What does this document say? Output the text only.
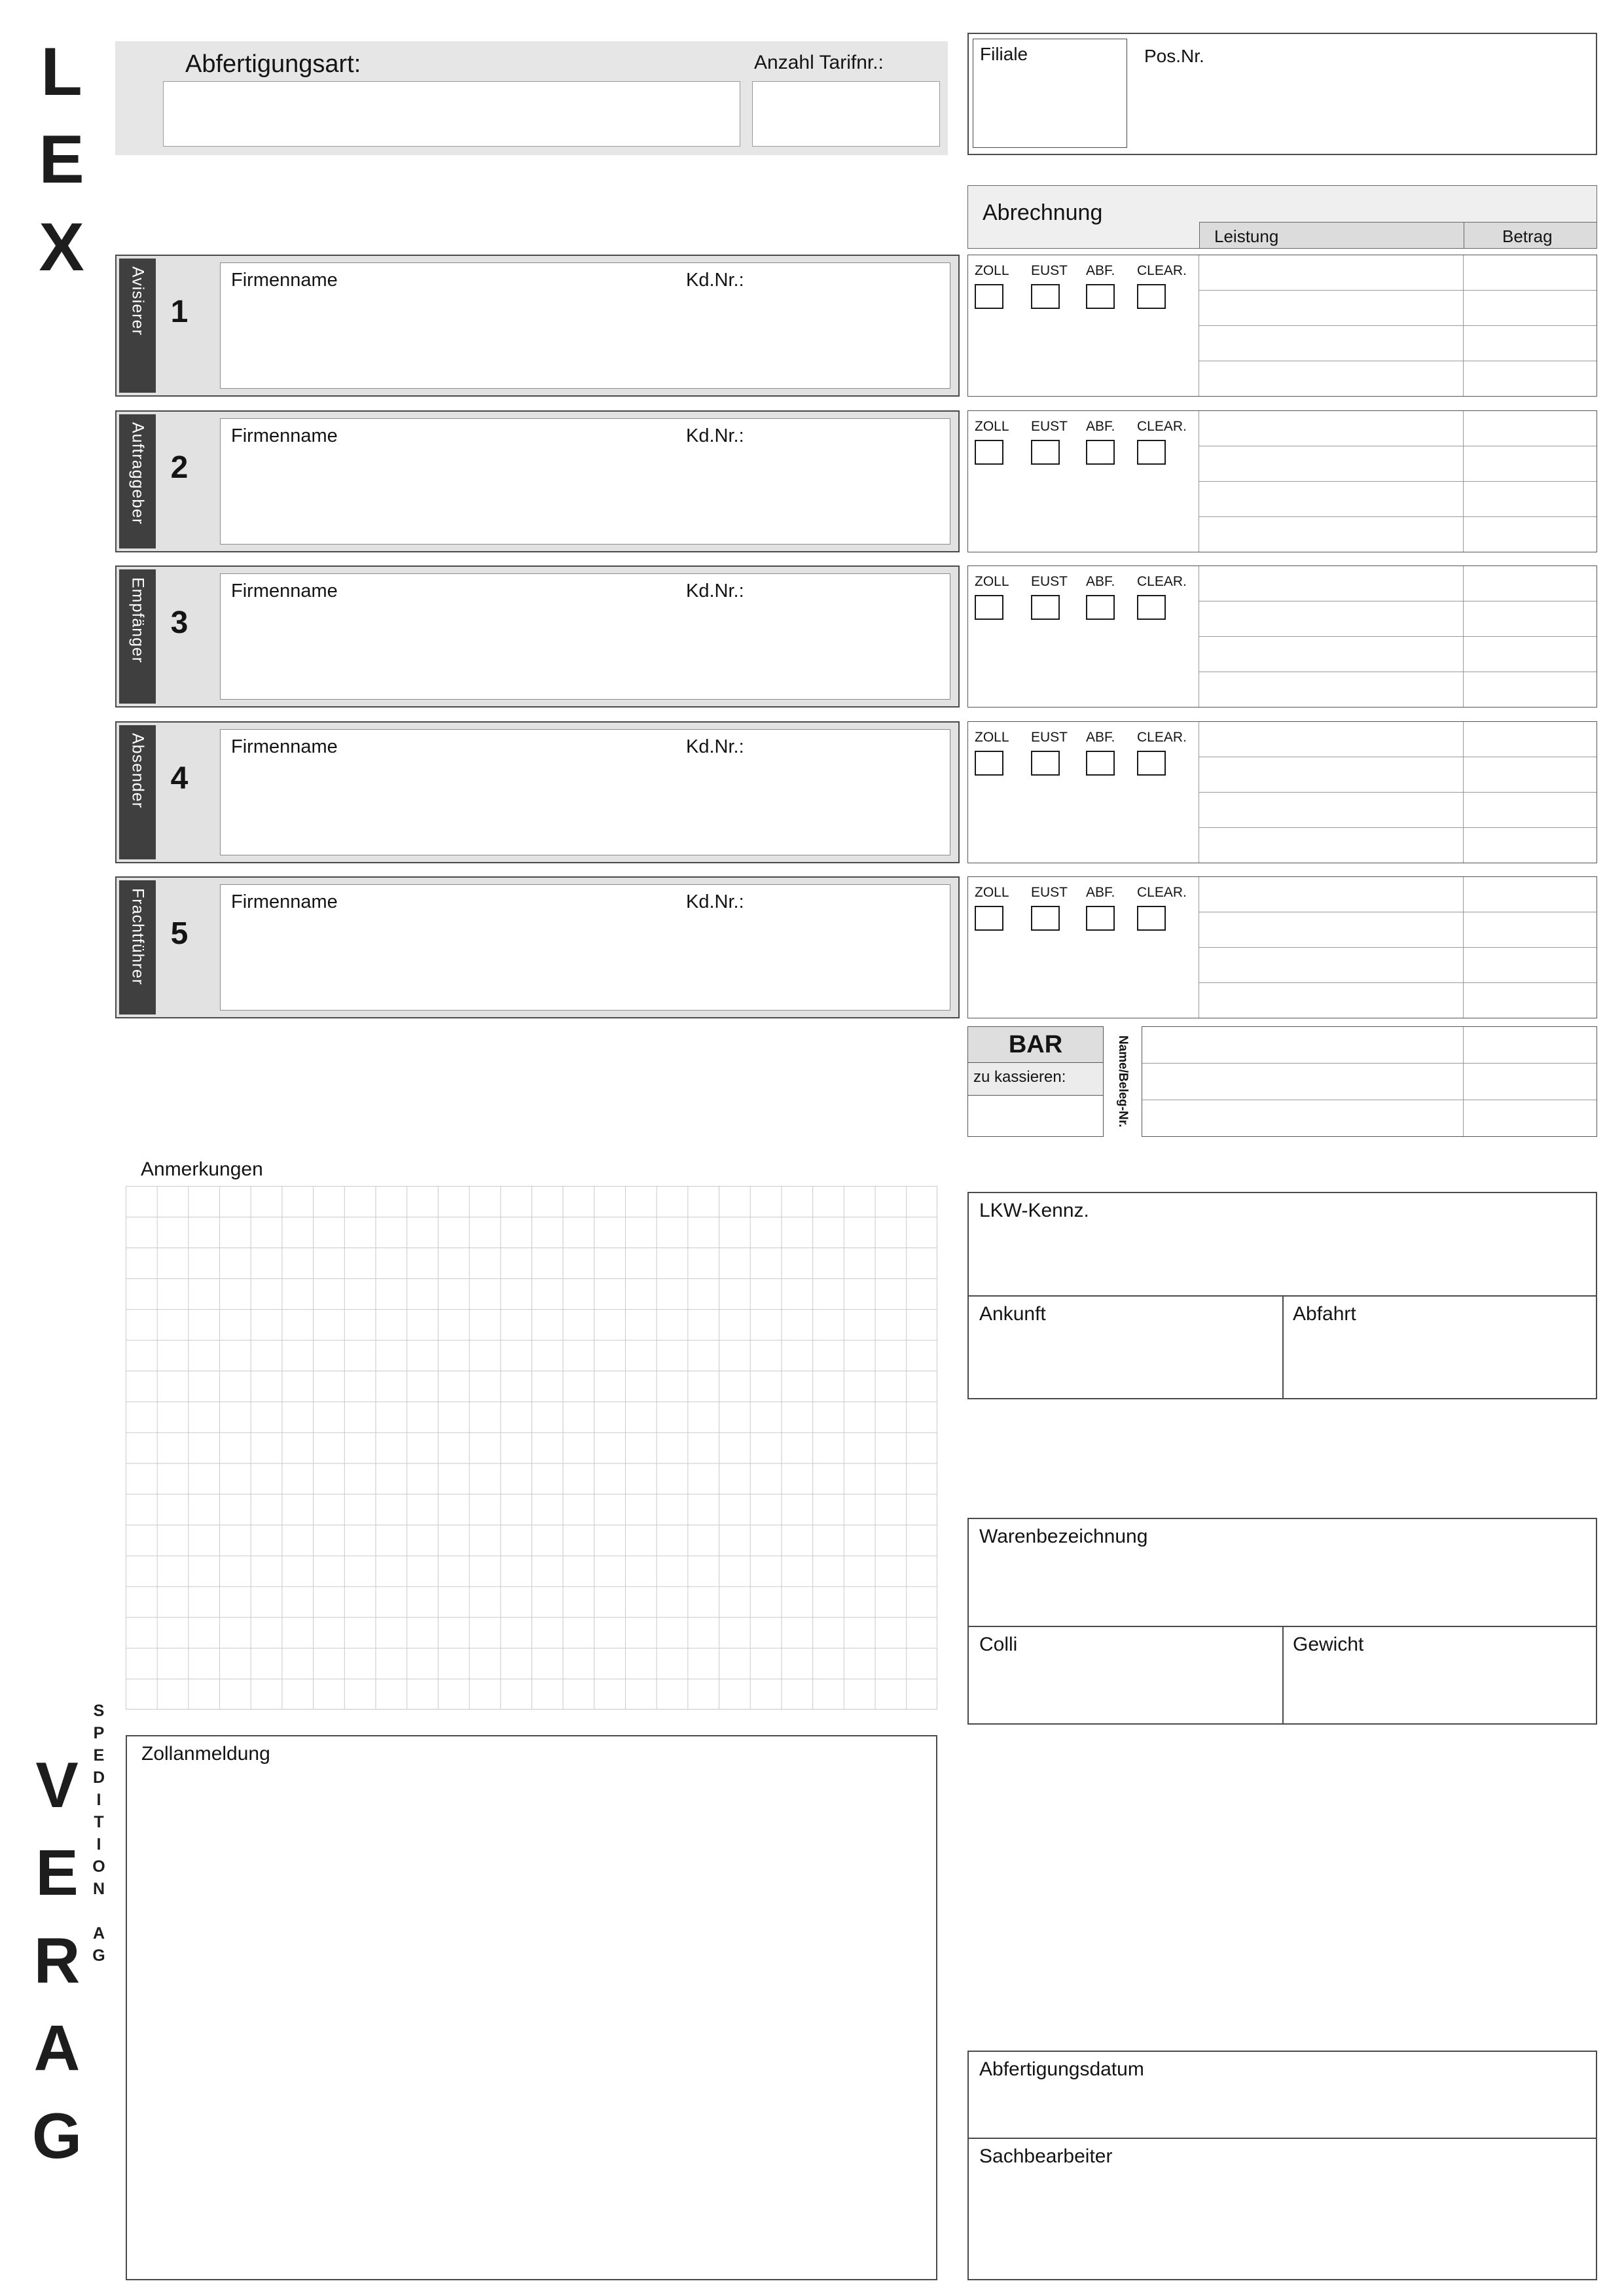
LEX	Abfertigungsart:	Anzahl Tarifnr.:	Filiale	Pos.Nr.
Abrechnung
Leistung	Betrag
Avisierer 1
Firmenname	Kd.Nr.:	ZOLL	EUST	ABF.	CLEAR.
Auftraggeber 2
Firmenname	Kd.Nr.:	ZOLL	EUST	ABF.	CLEAR.
Empfänger 3
Firmenname	Kd.Nr.:	ZOLL	EUST	ABF.	CLEAR.
Absender 4
Firmenname	Kd.Nr.:	ZOLL	EUST	ABF.	CLEAR.
Frachtführer 5
Firmenname	Kd.Nr.:	ZOLL	EUST	ABF.	CLEAR.
BAR
zu kassieren:	Name/Beleg-Nr.
Anmerkungen
LKW-Kennz.
Ankunft	Abfahrt
Warenbezeichnung
Colli	Gewicht
SPEDITION AG
VERAG Zollanmeldung
Abfertigungsdatum
Sachbearbeiter
